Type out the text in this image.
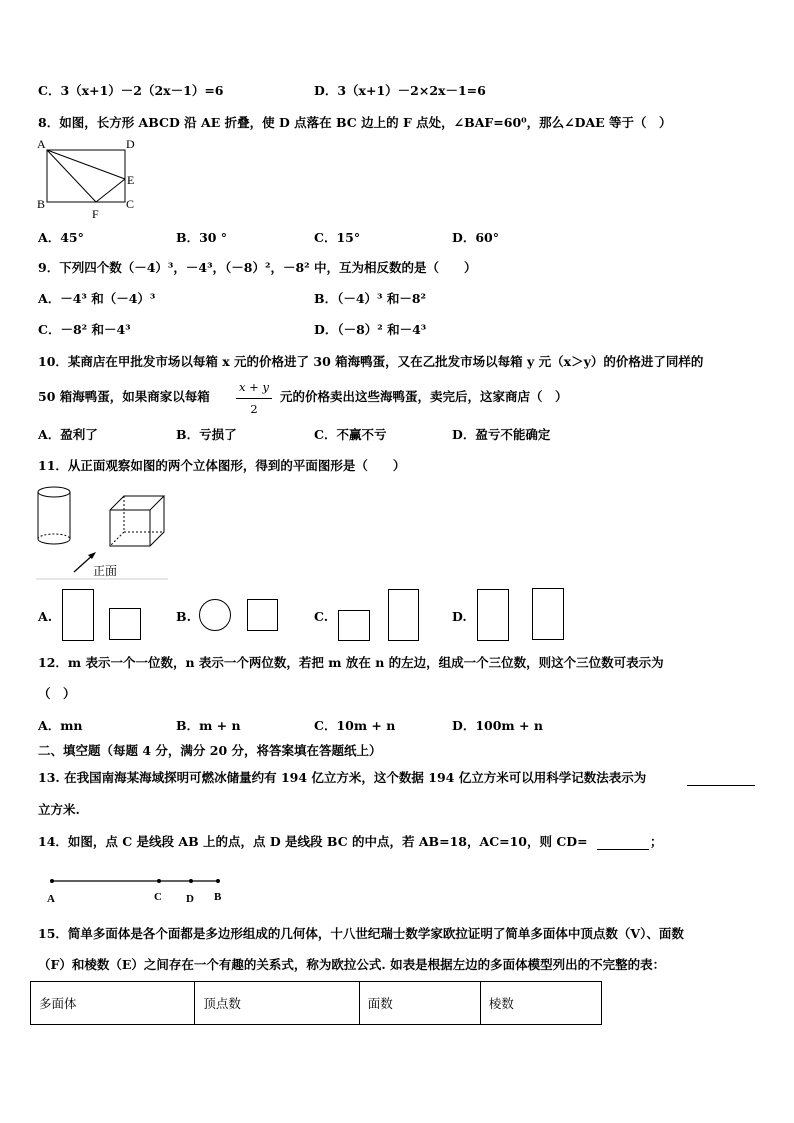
C．3（x+1）－2（2x－1）=6	D．3（x+1）－2×2x－1=6
8．如图，长方形 ABCD 沿 AE 折叠，使 D 点落在 BC 边上的 F 点处，∠BAF=60⁰，那么∠DAE 等于（　）
A	D
E
B	C
F
A．45°	B．30 °	C．15°	D．60°
9．下列四个数（－4）³，－4³，（－8）²，－8² 中，互为相反数的是（　　）
A．－4³ 和（－4）³	B．（－4）³ 和－8²
C．－8² 和－4³	D．（－8）² 和－4³
10．某商店在甲批发市场以每箱 x 元的价格进了 30 箱海鸭蛋，又在乙批发市场以每箱 y 元（x＞y）的价格进了同样的
50 箱海鸭蛋，如果商家以每箱
x + y
2
元的价格卖出这些海鸭蛋，卖完后，这家商店（　）
A．盈利了	B．亏损了	C．不赢不亏	D．盈亏不能确定
11．从正面观察如图的两个立体图形，得到的平面图形是（　　）
正面
A.	B.	C.	D.
12．m 表示一个一位数，n 表示一个两位数，若把 m 放在 n 的左边，组成一个三位数，则这个三位数可表示为
（　）
A．mn	B．m + n	C．10m + n	D．100m + n
二、填空题（每题 4 分，满分 20 分，将答案填在答题纸上）
13. 在我国南海某海域探明可燃冰储量约有 194 亿立方米，这个数据 194 亿立方米可以用科学记数法表示为
立方米.
14．如图，点 C 是线段 AB 上的点，点 D 是线段 BC 的中点，若 AB=18，AC=10，则 CD=	；
A	C D B
15．简单多面体是各个面都是多边形组成的几何体，十八世纪瑞士数学家欧拉证明了简单多面体中顶点数（V）、面数
（F）和棱数（E）之间存在一个有趣的关系式，称为欧拉公式. 如表是根据左边的多面体模型列出的不完整的表：
多面体	顶点数	面数	棱数
